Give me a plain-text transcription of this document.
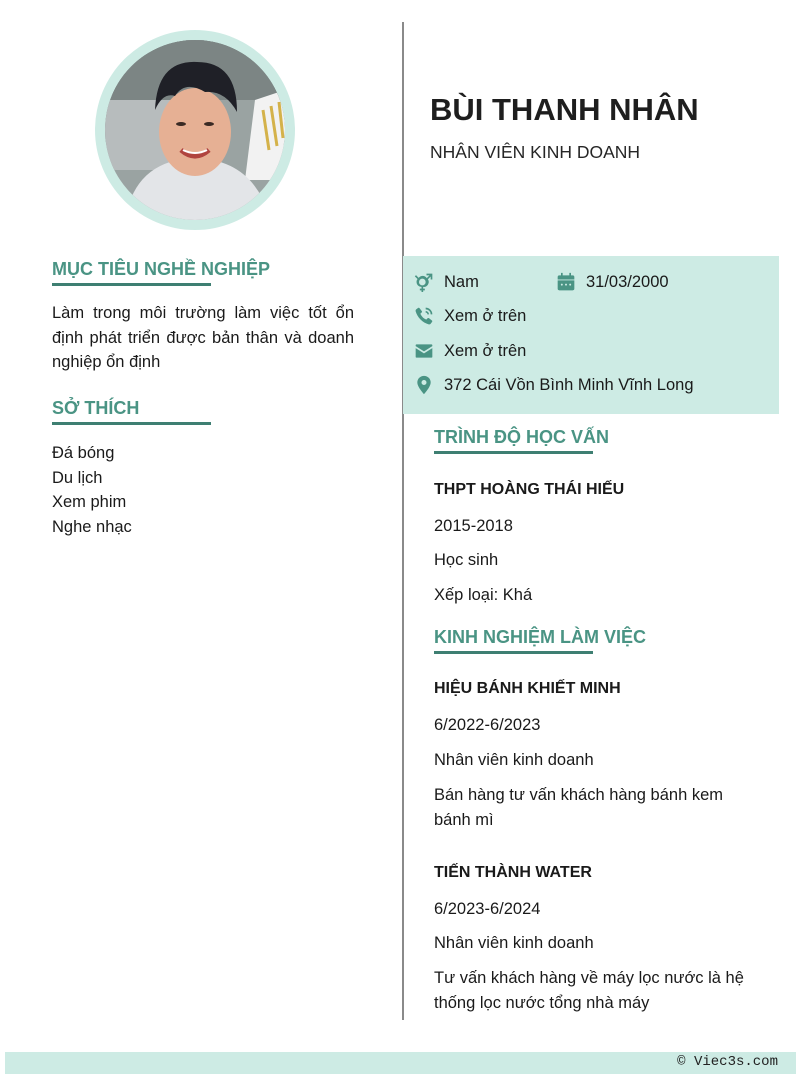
MỤC TIÊU NGHỀ NGHIỆP
Làm trong môi trường làm việc tốt ổn định phát triển được bản thân và doanh nghiệp ổn định
SỞ THÍCH
Đá bóng
Du lịch
Xem phim
Nghe nhạc
BÙI THANH NHÂN
NHÂN VIÊN KINH DOANH
Nam	31/03/2000
Xem ở trên
Xem ở trên
372 Cái Vồn Bình Minh Vĩnh Long
TRÌNH ĐỘ HỌC VẤN
THPT HOÀNG THÁI HIẾU
2015-2018
Học sinh
Xếp loại: Khá
KINH NGHIỆM LÀM VIỆC
HIỆU BÁNH KHIẾT MINH
6/2022-6/2023
Nhân viên kinh doanh
Bán hàng tư vấn khách hàng bánh kem bánh mì
TIẾN THÀNH WATER
6/2023-6/2024
Nhân viên kinh doanh
Tư vấn khách hàng về máy lọc nước là hệ thống lọc nước tổng nhà máy
© Viec3s.com
